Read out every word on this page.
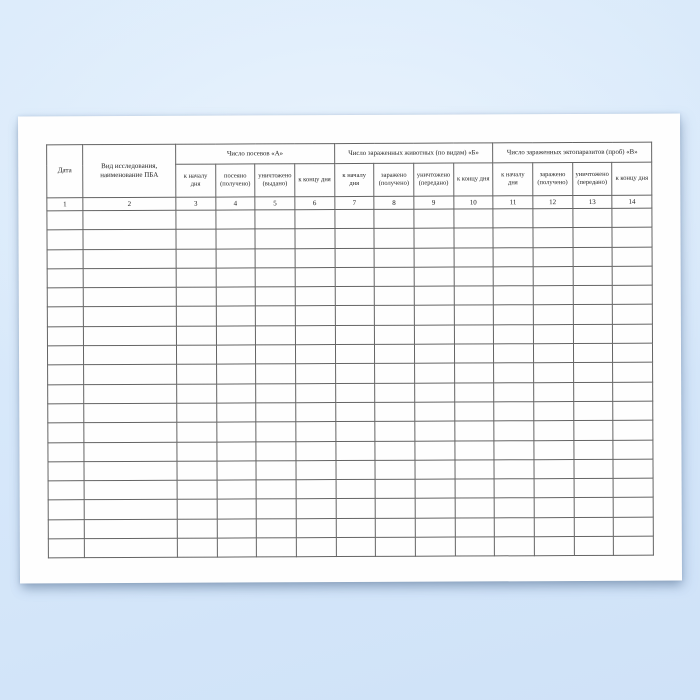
Дата	Вид исследования, наименование ПБА	Число посевов «А»				Число зараженных животных (по видам) «Б»				Число зараженных эктопаразитов (проб) «В»			
		к началу дня	посеяно (получено)	уничтожено (выдано)	к концу дня	к началу дня	заражено (получено)	уничтожено (передано)	к концу дня	к началу дня	заражено (получено)	уничтожено (передано)	к концу дня
1	2	3	4	5	6	7	8	9	10	11	12	13	14
